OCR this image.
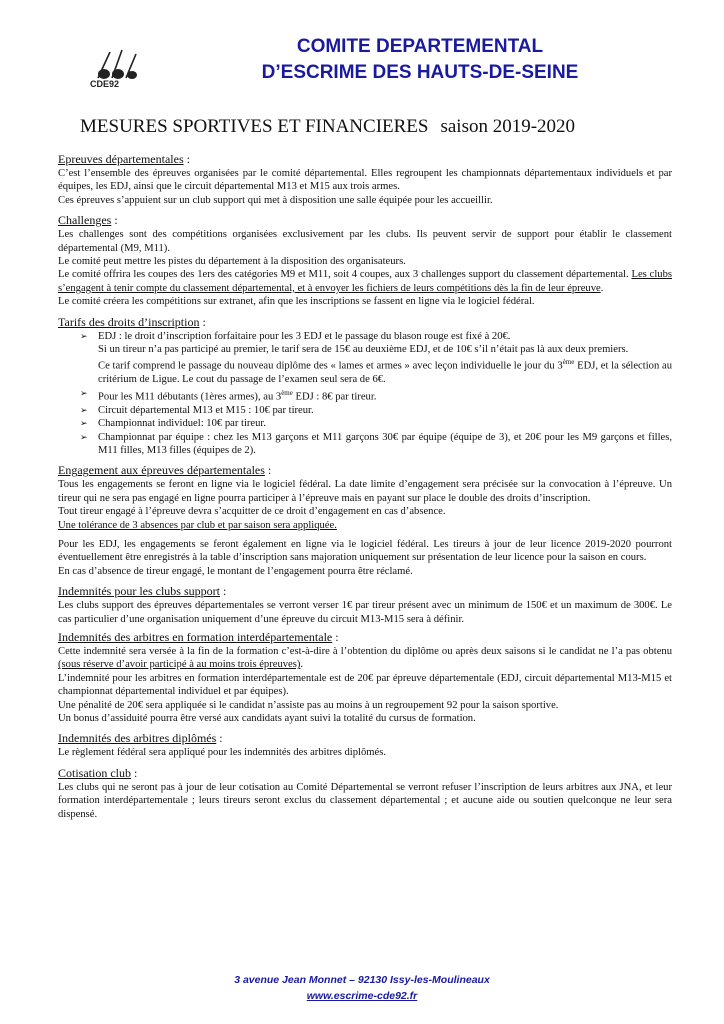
CDE92
COMITE DEPARTEMENTAL
D’ESCRIME DES HAUTS-DE-SEINE
MESURES SPORTIVES ET FINANCIERES saison 2019-2020
Epreuves départementales :
C’est l’ensemble des épreuves organisées par le comité départemental. Elles regroupent les championnats départementaux individuels et par équipes, les EDJ, ainsi que le circuit départemental M13 et M15 aux trois armes.
Ces épreuves s’appuient sur un club support qui met à disposition une salle équipée pour les accueillir.
Challenges :
Les challenges sont des compétitions organisées exclusivement par les clubs. Ils peuvent servir de support pour établir le classement départemental (M9, M11).
Le comité peut mettre les pistes du département à la disposition des organisateurs.
Le comité offrira les coupes des 1ers des catégories M9 et M11, soit 4 coupes, aux 3 challenges support du classement départemental. Les clubs s’engagent à tenir compte du classement départemental, et à envoyer les fichiers de leurs compétitions dès la fin de leur épreuve.
Le comité créera les compétitions sur extranet, afin que les inscriptions se fassent en ligne via le logiciel fédéral.
Tarifs des droits d’inscription :
➢ EDJ : le droit d’inscription forfaitaire pour les 3 EDJ et le passage du blason rouge est fixé à 20€.
Si un tireur n’a pas participé au premier, le tarif sera de 15€ au deuxième EDJ, et de 10€ s’il n’était pas là aux deux premiers.
Ce tarif comprend le passage du nouveau diplôme des « lames et armes » avec leçon individuelle le jour du 3ème EDJ, et la sélection au critérium de Ligue. Le cout du passage de l’examen seul sera de 6€.
➢ Pour les M11 débutants (1ères armes), au 3ème EDJ : 8€ par tireur.
➢ Circuit départemental M13 et M15 : 10€ par tireur.
➢ Championnat individuel: 10€ par tireur.
➢ Championnat par équipe : chez les M13 garçons et M11 garçons 30€ par équipe (équipe de 3), et 20€ pour les M9 garçons et filles, M11 filles, M13 filles (équipes de 2).
Engagement aux épreuves départementales :
Tous les engagements se feront en ligne via le logiciel fédéral. La date limite d’engagement sera précisée sur la convocation à l’épreuve. Un tireur qui ne sera pas engagé en ligne pourra participer à l’épreuve mais en payant sur place le double des droits d’inscription.
Tout tireur engagé à l’épreuve devra s’acquitter de ce droit d’engagement en cas d’absence.
Une tolérance de 3 absences par club et par saison sera appliquée.
Pour les EDJ, les engagements se feront également en ligne via le logiciel fédéral. Les tireurs à jour de leur licence 2019-2020 pourront éventuellement être enregistrés à la table d’inscription sans majoration uniquement sur présentation de leur licence pour la saison en cours.
En cas d’absence de tireur engagé, le montant de l’engagement pourra être réclamé.
Indemnités pour les clubs support :
Les clubs support des épreuves départementales se verront verser 1€ par tireur présent avec un minimum de 150€ et un maximum de 300€. Le cas particulier d’une organisation uniquement d’une épreuve du circuit M13-M15 sera à définir.
Indemnités des arbitres en formation interdépartementale :
Cette indemnité sera versée à la fin de la formation c’est-à-dire à l’obtention du diplôme ou après deux saisons si le candidat ne l’a pas obtenu (sous réserve d’avoir participé à au moins trois épreuves).
L’indemnité pour les arbitres en formation interdépartementale est de 20€ par épreuve départementale (EDJ, circuit départemental M13-M15 et championnat départemental individuel et par équipes).
Une pénalité de 20€ sera appliquée si le candidat n’assiste pas au moins à un regroupement 92 pour la saison sportive.
Un bonus d’assiduité pourra être versé aux candidats ayant suivi la totalité du cursus de formation.
Indemnités des arbitres diplômés :
Le règlement fédéral sera appliqué pour les indemnités des arbitres diplômés.
Cotisation club :
Les clubs qui ne seront pas à jour de leur cotisation au Comité Départemental se verront refuser l’inscription de leurs arbitres aux JNA, et leur formation interdépartementale ; leurs tireurs seront exclus du classement départemental ; et aucune aide ou soutien quelconque ne leur sera dispensé.
3 avenue Jean Monnet – 92130 Issy-les-Moulineaux
www.escrime-cde92.fr
